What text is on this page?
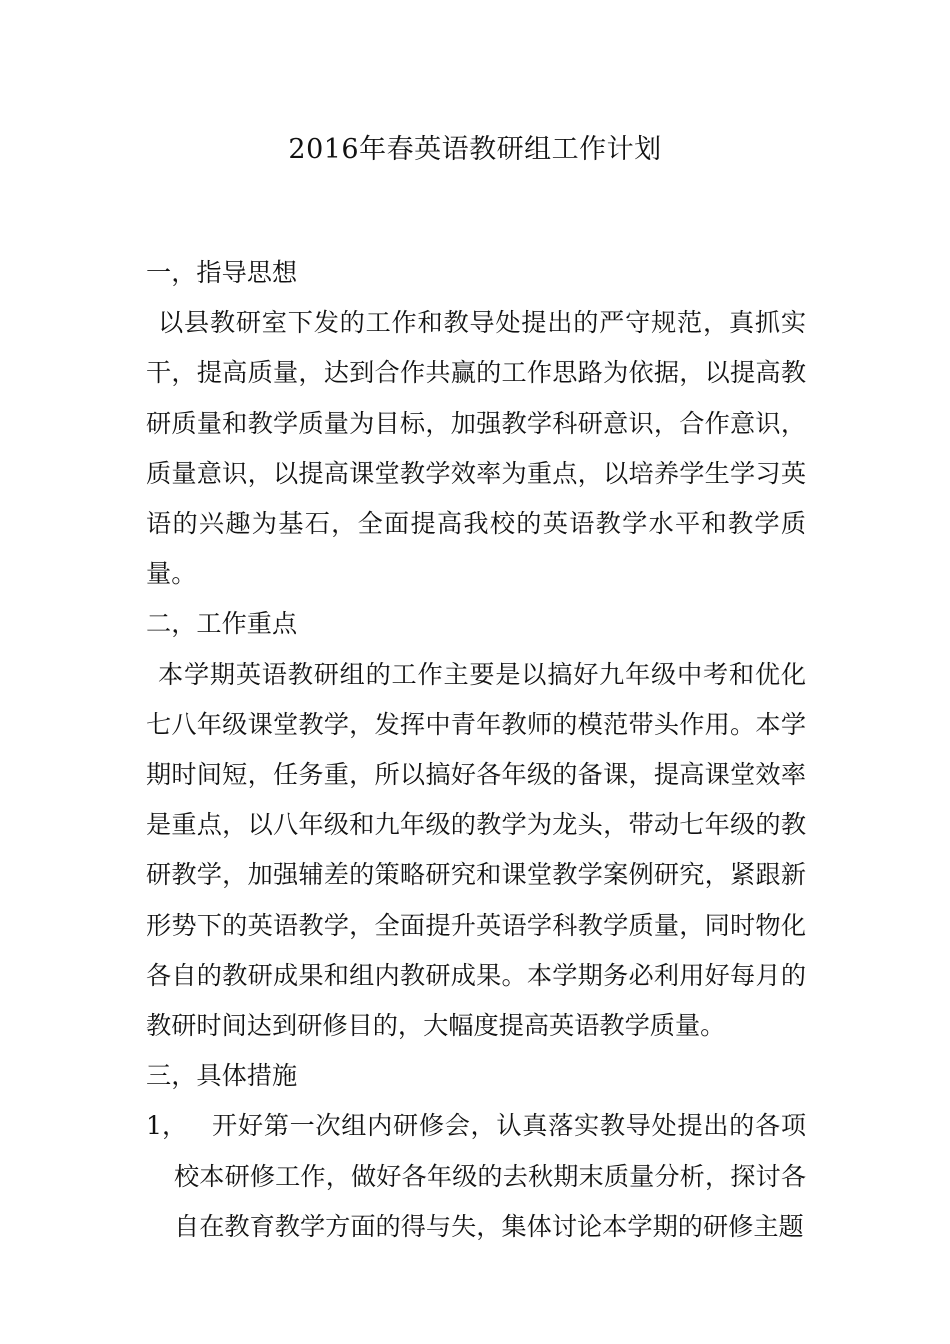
2016年春英语教研组工作计划

一，指导思想

以县教研室下发的工作和教导处提出的严守规范，真抓实干，提高质量，达到合作共赢的工作思路为依据，以提高教研质量和教学质量为目标，加强教学科研意识，合作意识，质量意识，以提高课堂教学效率为重点，以培养学生学习英语的兴趣为基石，全面提高我校的英语教学水平和教学质量。

二，工作重点

本学期英语教研组的工作主要是以搞好九年级中考和优化七八年级课堂教学，发挥中青年教师的模范带头作用。本学期时间短，任务重，所以搞好各年级的备课，提高课堂效率是重点，以八年级和九年级的教学为龙头，带动七年级的教研教学，加强辅差的策略研究和课堂教学案例研究，紧跟新形势下的英语教学，全面提升英语学科教学质量，同时物化各自的教研成果和组内教研成果。本学期务必利用好每月的教研时间达到研修目的，大幅度提高英语教学质量。

三，具体措施

1， 开好第一次组内研修会，认真落实教导处提出的各项校本研修工作，做好各年级的去秋期末质量分析，探讨各自在教育教学方面的得与失，集体讨论本学期的研修主题
